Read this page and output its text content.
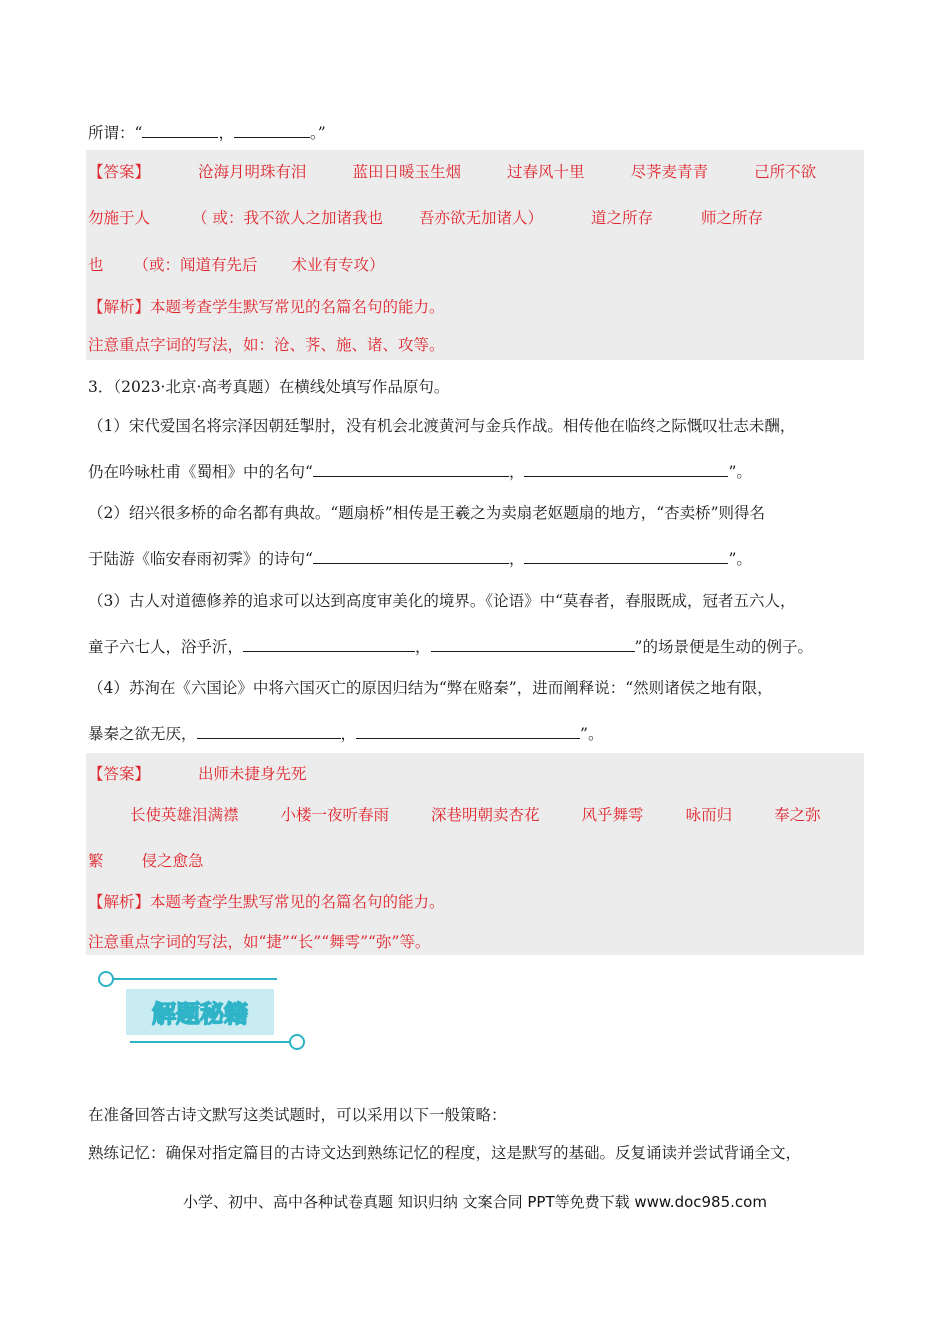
所谓：“	，	。”
【答案】	沧海月明珠有泪	蓝田日暖玉生烟	过春风十里	尽荠麦青青	己所不欲
勿施于人	（ 或：我不欲人之加诸我也 吾亦欲无加诸人）	道之所存	师之所存
也 （或：闻道有先后 术业有专攻）
【解析】本题考查学生默写常见的名篇名句的能力。
注意重点字词的写法，如：沧、荠、施、诸、攻等。
3．（2023·北京·高考真题）在横线处填写作品原句。
（1）宋代爱国名将宗泽因朝廷掣肘，没有机会北渡黄河与金兵作战。相传他在临终之际慨叹壮志未酬，
仍在吟咏杜甫《蜀相》中的名句“	，	”。
（2）绍兴很多桥的命名都有典故。“题扇桥”相传是王羲之为卖扇老妪题扇的地方，“杏卖桥”则得名
于陆游《临安春雨初霁》的诗句“	，	”。
（3）古人对道德修养的追求可以达到高度审美化的境界。《论语》中“莫春者，春服既成，冠者五六人，
童子六七人，浴乎沂，	，	”的场景便是生动的例子。
（4）苏洵在《六国论》中将六国灭亡的原因归结为“弊在赂秦”，进而阐释说：“然则诸侯之地有限，
暴秦之欲无厌，	，	”。
【答案】	出师未捷身先死
长使英雄泪满襟	小楼一夜听春雨	深巷明朝卖杏花	风乎舞雩	咏而归	奉之弥
繁 侵之愈急
【解析】本题考查学生默写常见的名篇名句的能力。
注意重点字词的写法，如“捷”“长”“舞雩”“弥”等。
解题秘籍
在准备回答古诗文默写这类试题时，可以采用以下一般策略：
熟练记忆：确保对指定篇目的古诗文达到熟练记忆的程度，这是默写的基础。反复诵读并尝试背诵全文，
小学、初中、高中各种试卷真题 知识归纳 文案合同 PPT等免费下载 www.doc985.com
